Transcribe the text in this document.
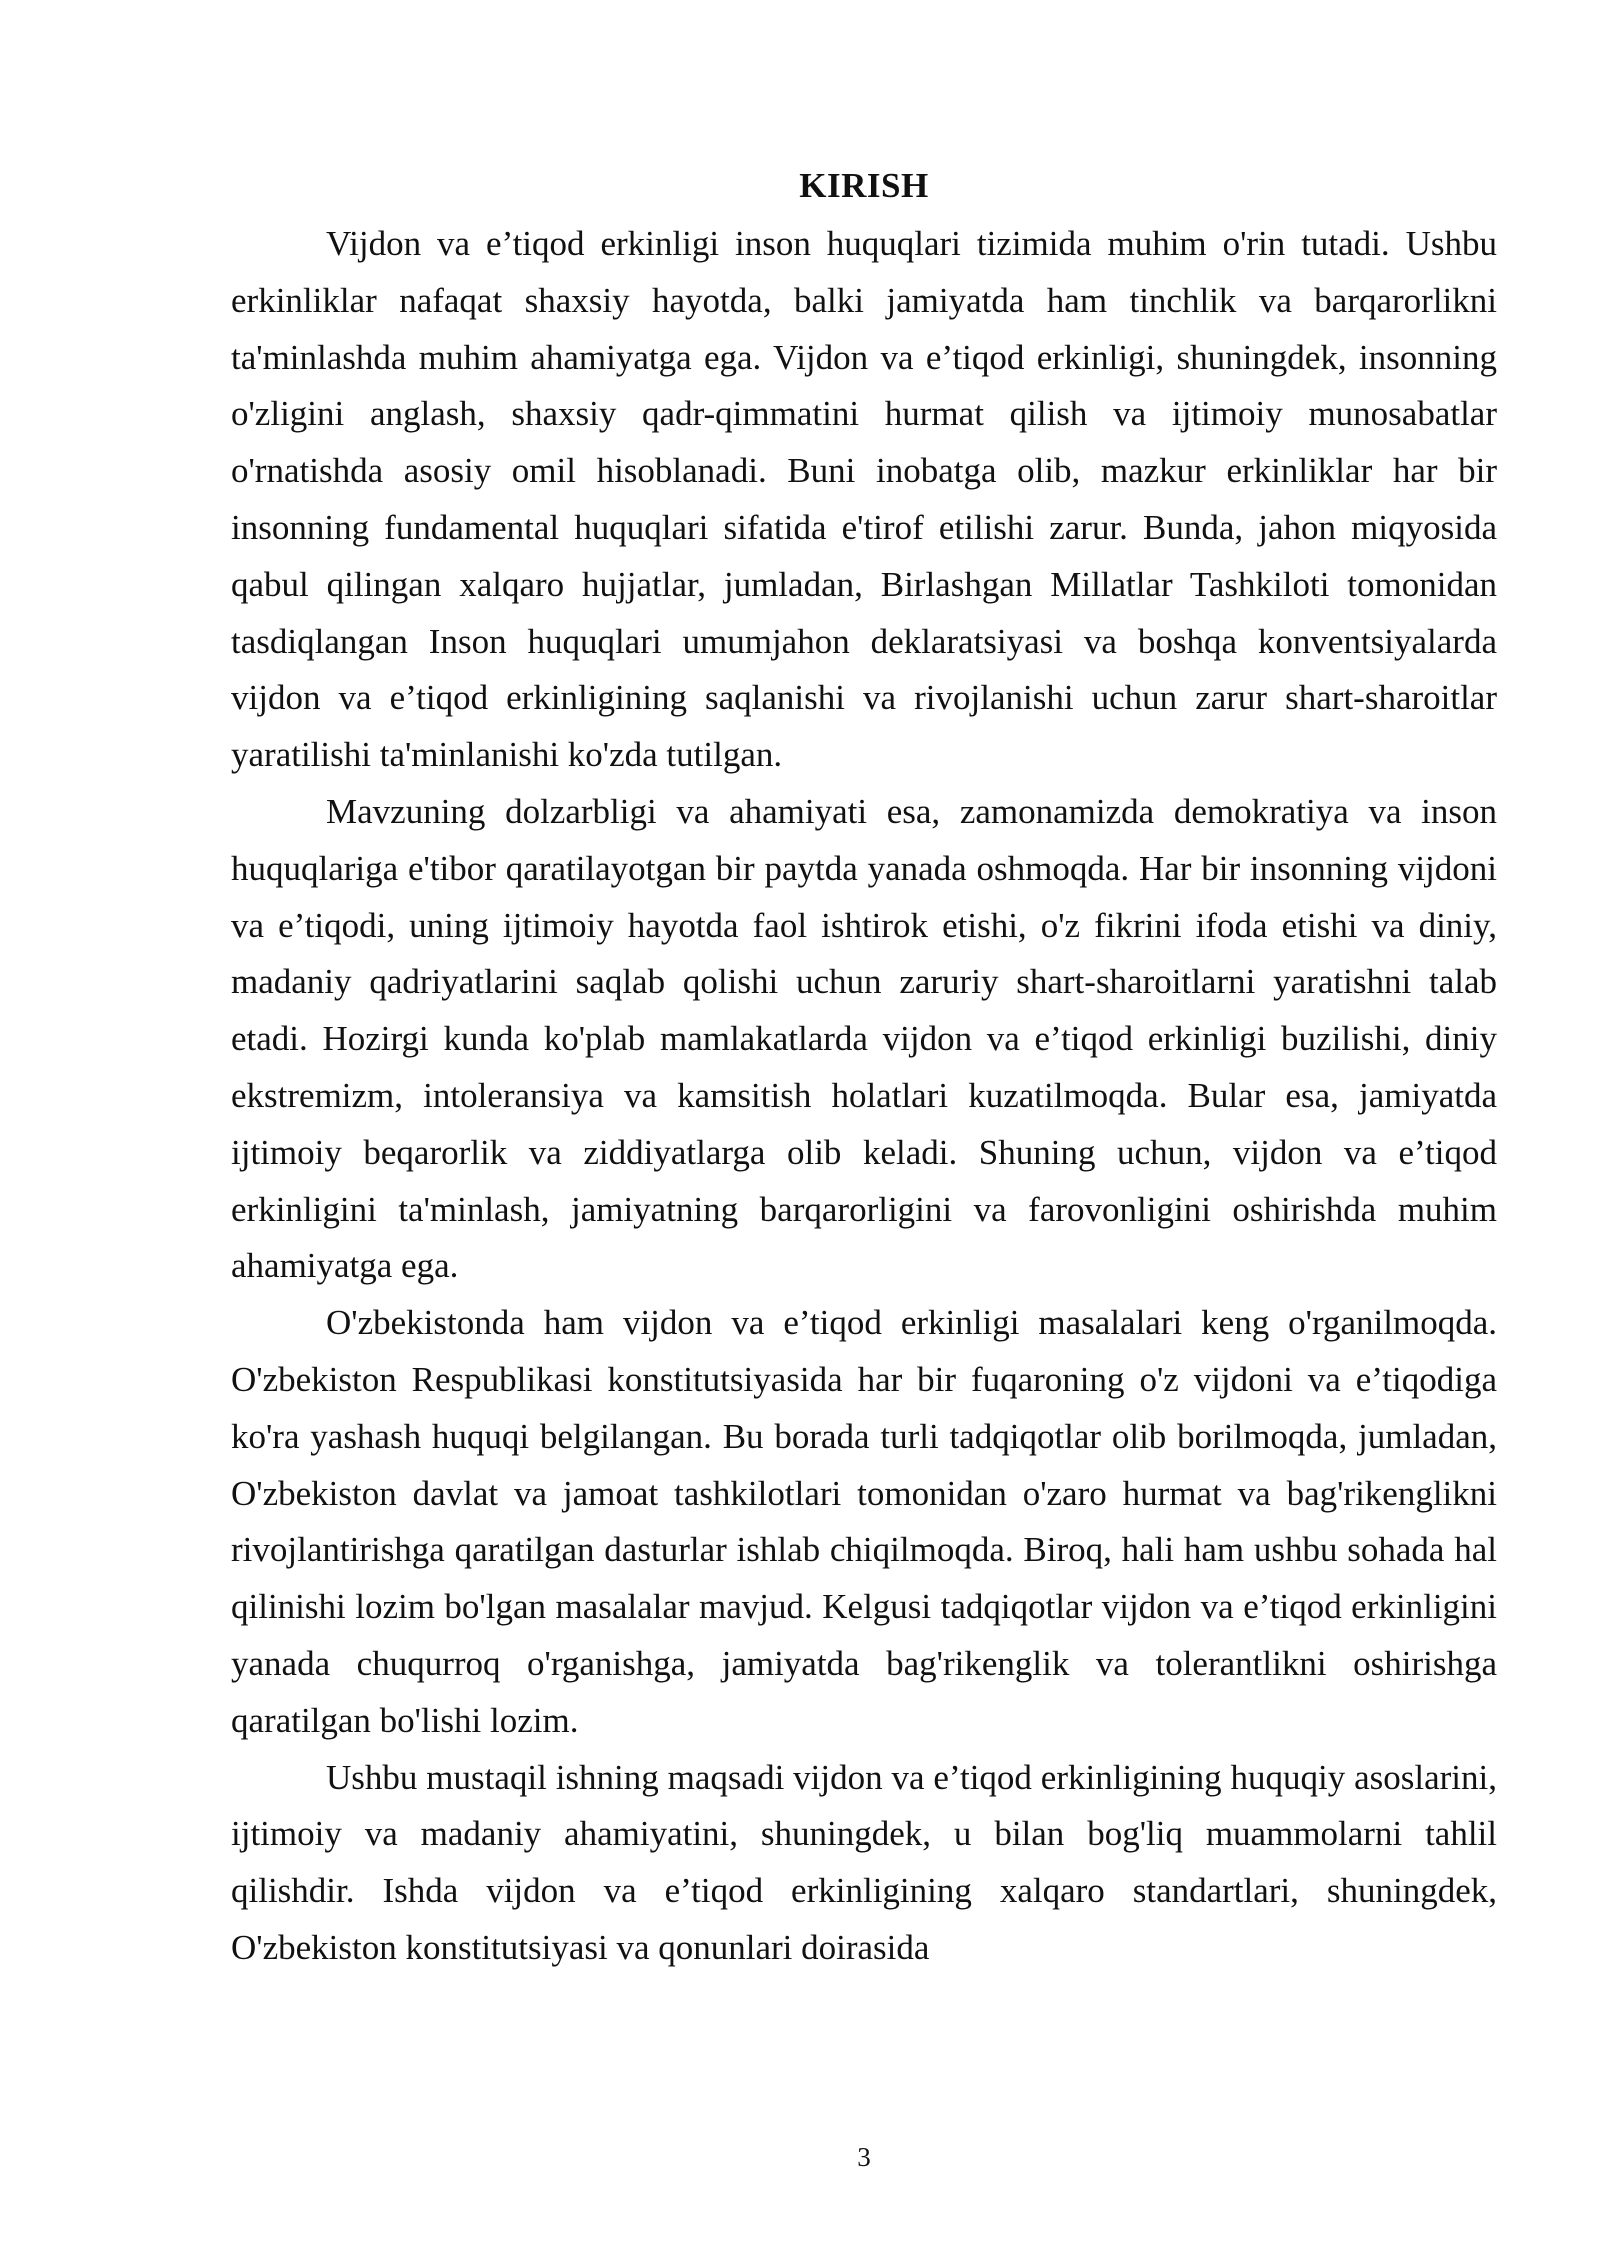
KIRISH

Vijdon va e’tiqod erkinligi inson huquqlari tizimida muhim o'rin tutadi. Ushbu erkinliklar nafaqat shaxsiy hayotda, balki jamiyatda ham tinchlik va barqarorlikni ta'minlashda muhim ahamiyatga ega. Vijdon va e’tiqod erkinligi, shuningdek, insonning o'zligini anglash, shaxsiy qadr-qimmatini hurmat qilish va ijtimoiy munosabatlar o'rnatishda asosiy omil hisoblanadi. Buni inobatga olib, mazkur erkinliklar har bir insonning fundamental huquqlari sifatida e'tirof etilishi zarur. Bunda, jahon miqyosida qabul qilingan xalqaro hujjatlar, jumladan, Birlashgan Millatlar Tashkiloti tomonidan tasdiqlangan Inson huquqlari umumjahon deklaratsiyasi va boshqa konventsiyalarda vijdon va e’tiqod erkinligining saqlanishi va rivojlanishi uchun zarur shart-sharoitlar yaratilishi ta'minlanishi ko'zda tutilgan.

Mavzuning dolzarbligi va ahamiyati esa, zamonamizda demokratiya va inson huquqlariga e'tibor qaratilayotgan bir paytda yanada oshmoqda. Har bir insonning vijdoni va e’tiqodi, uning ijtimoiy hayotda faol ishtirok etishi, o'z fikrini ifoda etishi va diniy, madaniy qadriyatlarini saqlab qolishi uchun zaruriy shart-sharoitlarni yaratishni talab etadi. Hozirgi kunda ko'plab mamlakatlarda vijdon va e’tiqod erkinligi buzilishi, diniy ekstremizm, intoleransiya va kamsitish holatlari kuzatilmoqda. Bular esa, jamiyatda ijtimoiy beqarorlik va ziddiyatlarga olib keladi. Shuning uchun, vijdon va e’tiqod erkinligini ta'minlash, jamiyatning barqarorligini va farovonligini oshirishda muhim ahamiyatga ega.

O'zbekistonda ham vijdon va e’tiqod erkinligi masalalari keng o'rganilmoqda. O'zbekiston Respublikasi konstitutsiyasida har bir fuqaroning o'z vijdoni va e’tiqodiga ko'ra yashash huquqi belgilangan. Bu borada turli tadqiqotlar olib borilmoqda, jumladan, O'zbekiston davlat va jamoat tashkilotlari tomonidan o'zaro hurmat va bag'rikenglikni rivojlantirishga qaratilgan dasturlar ishlab chiqilmoqda. Biroq, hali ham ushbu sohada hal qilinishi lozim bo'lgan masalalar mavjud. Kelgusi tadqiqotlar vijdon va e’tiqod erkinligini yanada chuqurroq o'rganishga, jamiyatda bag'rikenglik va tolerantlikni oshirishga qaratilgan bo'lishi lozim.

Ushbu mustaqil ishning maqsadi vijdon va e’tiqod erkinligining huquqiy asoslarini, ijtimoiy va madaniy ahamiyatini, shuningdek, u bilan bog'liq muammolarni tahlil qilishdir. Ishda vijdon va e’tiqod erkinligining xalqaro standartlari, shuningdek, O'zbekiston konstitutsiyasi va qonunlari doirasida

3
